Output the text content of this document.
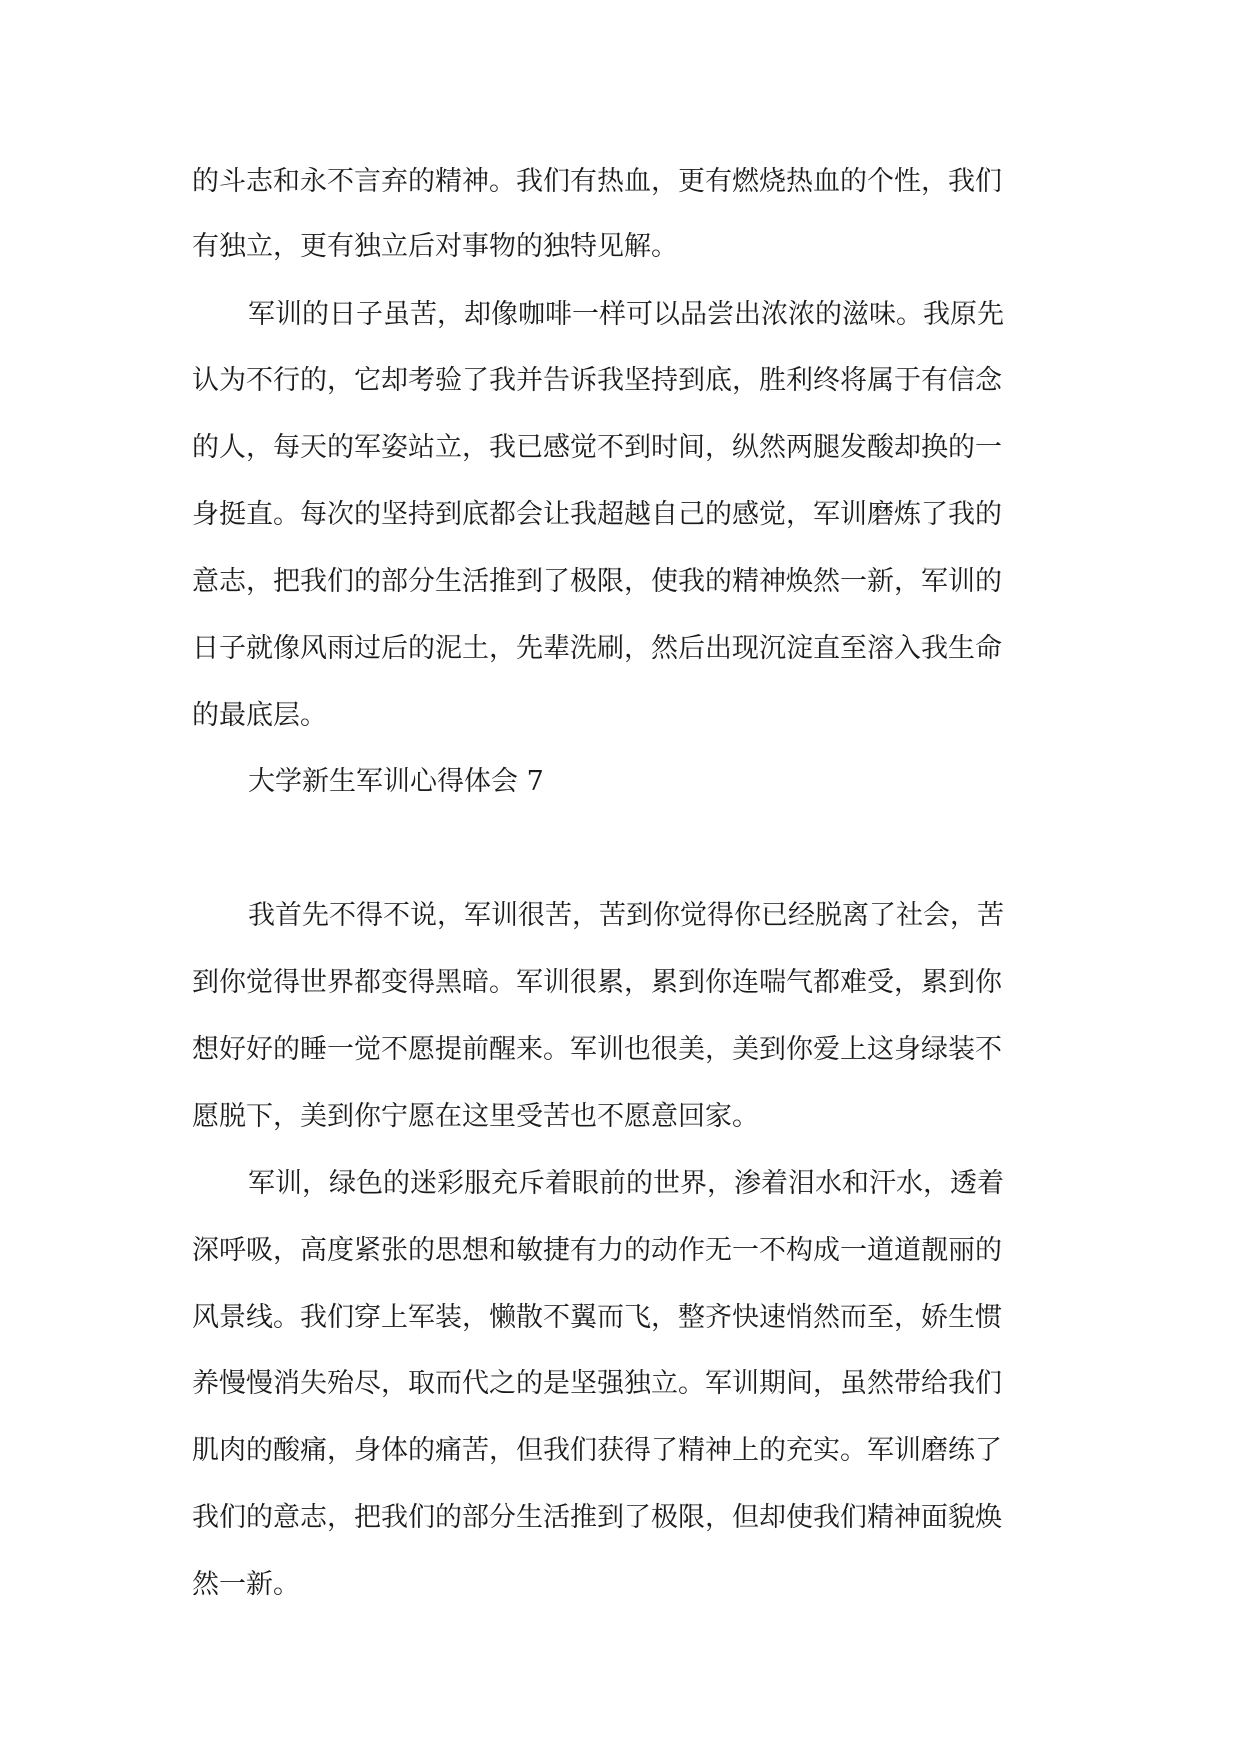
的斗志和永不言弃的精神。我们有热血，更有燃烧热血的个性，我们
有独立，更有独立后对事物的独特见解。
军训的日子虽苦，却像咖啡一样可以品尝出浓浓的滋味。我原先
认为不行的，它却考验了我并告诉我坚持到底，胜利终将属于有信念
的人，每天的军姿站立，我已感觉不到时间，纵然两腿发酸却换的一
身挺直。每次的坚持到底都会让我超越自己的感觉，军训磨炼了我的
意志，把我们的部分生活推到了极限，使我的精神焕然一新，军训的
日子就像风雨过后的泥土，先辈洗刷，然后出现沉淀直至溶入我生命
的最底层。
大学新生军训心得体会 7
我首先不得不说，军训很苦，苦到你觉得你已经脱离了社会，苦
到你觉得世界都变得黑暗。军训很累，累到你连喘气都难受，累到你
想好好的睡一觉不愿提前醒来。军训也很美，美到你爱上这身绿装不
愿脱下，美到你宁愿在这里受苦也不愿意回家。
军训，绿色的迷彩服充斥着眼前的世界，渗着泪水和汗水，透着
深呼吸，高度紧张的思想和敏捷有力的动作无一不构成一道道靓丽的
风景线。我们穿上军装，懒散不翼而飞，整齐快速悄然而至，娇生惯
养慢慢消失殆尽，取而代之的是坚强独立。军训期间，虽然带给我们
肌肉的酸痛，身体的痛苦，但我们获得了精神上的充实。军训磨练了
我们的意志，把我们的部分生活推到了极限，但却使我们精神面貌焕
然一新。
